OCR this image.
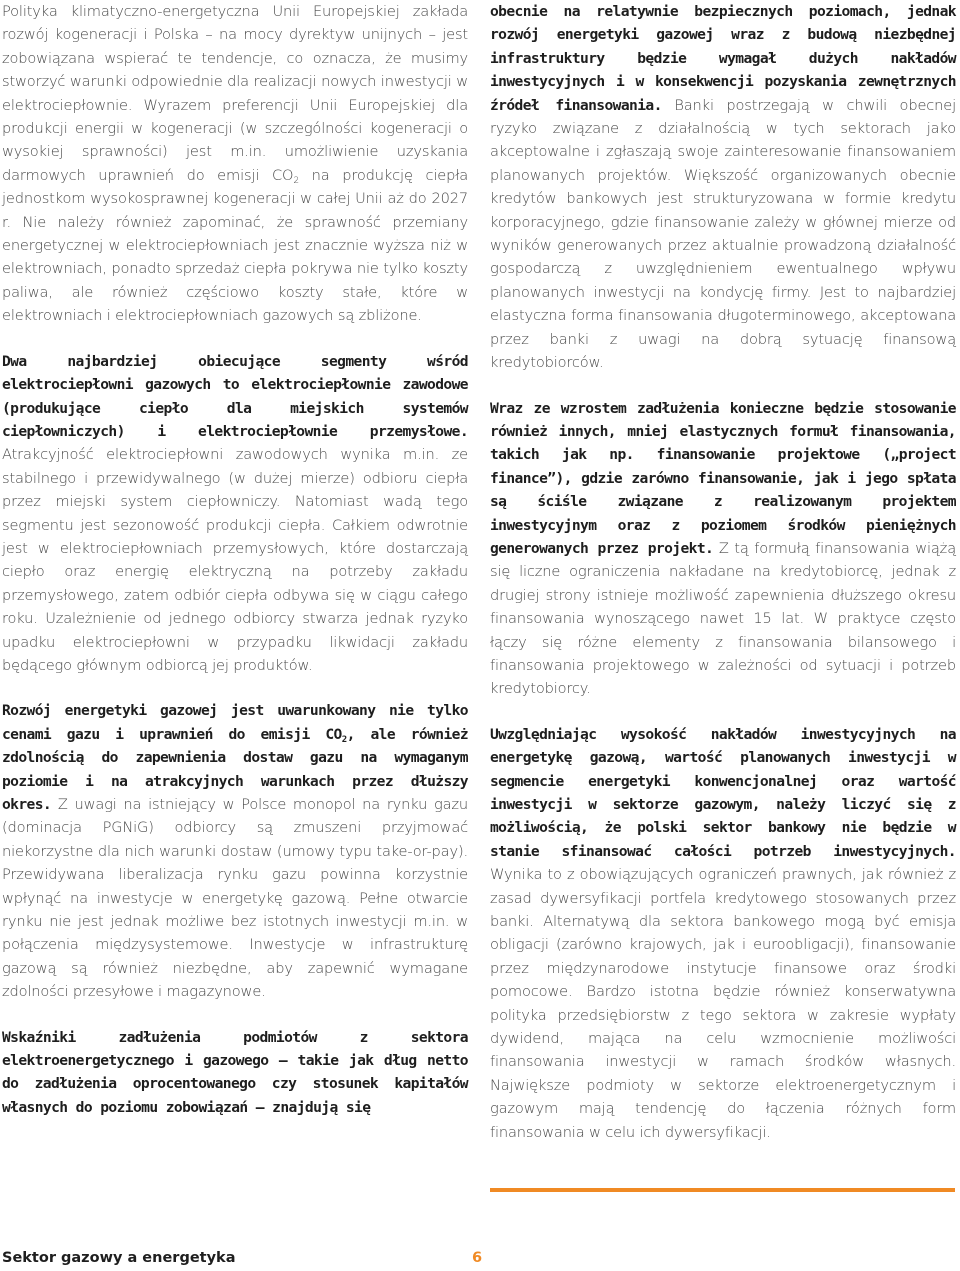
Polityka klimatyczno-energetyczna Unii Europejskiej zakłada rozwój kogeneracji i Polska – na mocy dyrektyw unijnych – jest zobowiązana wspierać te tendencje, co oznacza, że musimy stworzyć warunki odpowiednie dla realizacji nowych inwestycji w elektrociepłownie. Wyrazem preferencji Unii Europejskiej dla produkcji energii w kogeneracji (w szczególności kogeneracji o wysokiej sprawności) jest m.in. umożliwienie uzyskania darmowych uprawnień do emisji $CO_2$ na produkcję ciepła jednostkom wysokosprawnej kogeneracji w całej Unii aż do 2027 r. Nie należy również zapominać, że sprawność przemiany energetycznej w elektrociepłowniach jest znacznie wyższa niż w elektrowniach, ponadto sprzedaż ciepła pokrywa nie tylko koszty paliwa, ale również częściowo koszty stałe, które w elektrowniach i elektrociepłowniach gazowych są zbliżone.

Dwa najbardziej obiecujące segmenty wśród elektrociepłowni gazowych to elektrociepłownie zawodowe (produkujące ciepło dla miejskich systemów ciepłowniczych) i elektrociepłownie przemysłowe. Atrakcyjność elektrociepłowni zawodowych wynika m.in. ze stabilnego i przewidywalnego (w dużej mierze) odbioru ciepła przez miejski system ciepłowniczy. Natomiast wadą tego segmentu jest sezonowość produkcji ciepła. Całkiem odwrotnie jest w elektrociepłowniach przemysłowych, które dostarczają ciepło oraz energię elektryczną na potrzeby zakładu przemysłowego, zatem odbiór ciepła odbywa się w ciągu całego roku. Uzależnienie od jednego odbiorcy stwarza jednak ryzyko upadku elektrociepłowni w przypadku likwidacji zakładu będącego głównym odbiorcą jej produktów.

Rozwój energetyki gazowej jest uwarunkowany nie tylko cenami gazu i uprawnień do emisji $CO_2$, ale również zdolnością do zapewnienia dostaw gazu na wymaganym poziomie i na atrakcyjnych warunkach przez dłuższy okres. Z uwagi na istniejący w Polsce monopol na rynku gazu (dominacja PGNiG) odbiorcy są zmuszeni przyjmować niekorzystne dla nich warunki dostaw (umowy typu take-or-pay). Przewidywana liberalizacja rynku gazu powinna korzystnie wpłynąć na inwestycje w energetykę gazową. Pełne otwarcie rynku nie jest jednak możliwe bez istotnych inwestycji m.in. w połączenia międzysystemowe. Inwestycje w infrastrukturę gazową są również niezbędne, aby zapewnić wymagane zdolności przesyłowe i magazynowe.

Wskaźniki zadłużenia podmiotów z sektora elektroenergetycznego i gazowego – takie jak dług netto do zadłużenia oprocentowanego czy stosunek kapitałów własnych do poziomu zobowiązań – znajdują się

obecnie na relatywnie bezpiecznych poziomach, jednak rozwój energetyki gazowej wraz z budową niezbędnej infrastruktury będzie wymagał dużych nakładów inwestycyjnych i w konsekwencji pozyskania zewnętrznych źródeł finansowania. Banki postrzegają w chwili obecnej ryzyko związane z działalnością w tych sektorach jako akceptowalne i zgłaszają swoje zainteresowanie finansowaniem planowanych projektów. Większość organizowanych obecnie kredytów bankowych jest strukturyzowana w formie kredytu korporacyjnego, gdzie finansowanie zależy w głównej mierze od wyników generowanych przez aktualnie prowadzoną działalność gospodarczą z uwzględnieniem ewentualnego wpływu planowanych inwestycji na kondycję firmy. Jest to najbardziej elastyczna forma finansowania długoterminowego, akceptowana przez banki z uwagi na dobrą sytuację finansową kredytobiorców.

Wraz ze wzrostem zadłużenia konieczne będzie stosowanie również innych, mniej elastycznych formuł finansowania, takich jak np. finansowanie projektowe („project finance”), gdzie zarówno finansowanie, jak i jego spłata są ściśle związane z realizowanym projektem inwestycyjnym oraz z poziomem środków pieniężnych generowanych przez projekt. Z tą formułą finansowania wiążą się liczne ograniczenia nakładane na kredytobiorcę, jednak z drugiej strony istnieje możliwość zapewnienia dłuższego okresu finansowania wynoszącego nawet 15 lat. W praktyce często łączy się różne elementy z finansowania bilansowego i finansowania projektowego w zależności od sytuacji i potrzeb kredytobiorcy.

Uwzględniając wysokość nakładów inwestycyjnych na energetykę gazową, wartość planowanych inwestycji w segmencie energetyki konwencjonalnej oraz wartość inwestycji w sektorze gazowym, należy liczyć się z możliwością, że polski sektor bankowy nie będzie w stanie sfinansować całości potrzeb inwestycyjnych. Wynika to z obowiązujących ograniczeń prawnych, jak również z zasad dywersyfikacji portfela kredytowego stosowanych przez banki. Alternatywą dla sektora bankowego mogą być emisja obligacji (zarówno krajowych, jak i euroobligacji), finansowanie przez międzynarodowe instytucje finansowe oraz środki pomocowe. Bardzo istotna będzie również konserwatywna polityka przedsiębiorstw z tego sektora w zakresie wypłaty dywidend, mająca na celu wzmocnienie możliwości finansowania inwestycji w ramach środków własnych. Największe podmioty w sektorze elektroenergetycznym i gazowym mają tendencję do łączenia różnych form finansowania w celu ich dywersyfikacji.

Sektor gazowy a energetyka	6
